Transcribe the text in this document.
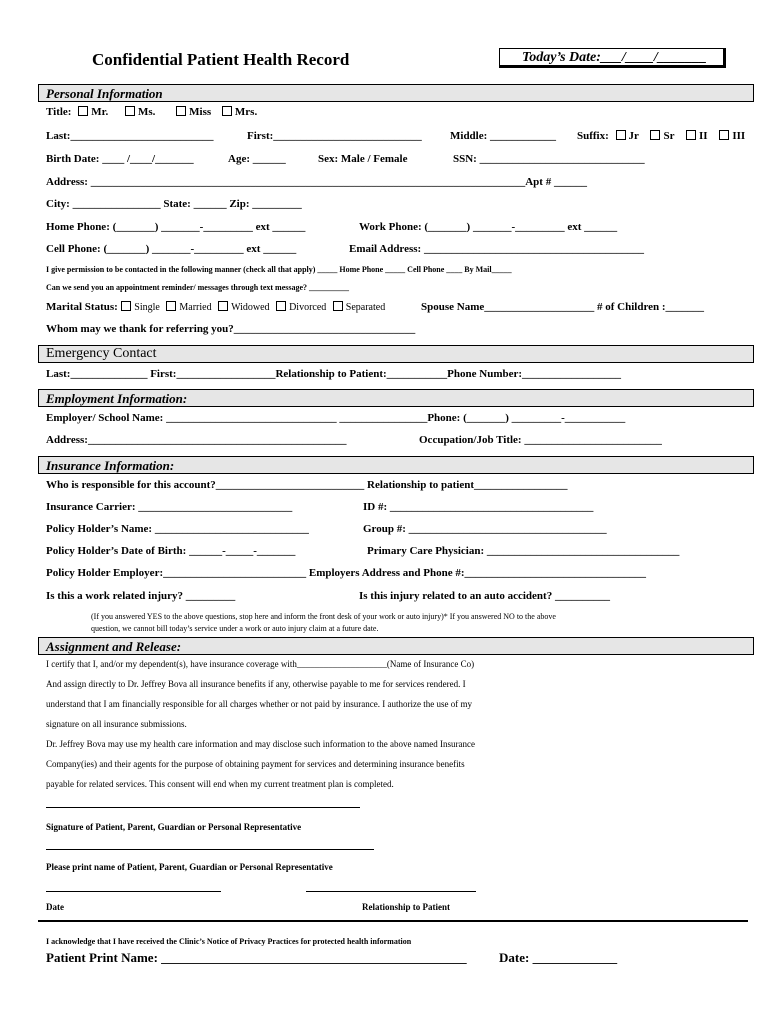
Confidential Patient Health Record	Today’s Date:___/____/_______
Personal Information
Title: Mr.	Ms.	Miss Mrs.
Last:__________________________	First:___________________________	Middle: ____________ Suffix: Jr Sr II III
Birth Date: ____ /____/_______	Age: ______	Sex: Male / Female	SSN: ______________________________
Address: _______________________________________________________________________________Apt # ______
City: ________________ State: ______ Zip: _________
Home Phone: (_______) _______-_________ ext ______	Work Phone: (_______) _______-_________ ext ______
Cell Phone: (_______) _______-_________ ext ______	Email Address: ________________________________________
I give permission to be contacted in the following manner (check all that apply) _____ Home Phone _____ Cell Phone ____ By Mail_____
Can we send you an appointment reminder/ messages through text message? __________
Marital Status: Single Married Widowed Divorced Separated	Spouse Name____________________ # of Children :_______
Whom may we thank for referring you?_________________________________
Emergency Contact
Last:______________ First:__________________Relationship to Patient:___________Phone Number:__________________
Employment Information:
Employer/ School Name: _______________________________ ________________Phone: (_______) _________-___________
Address:_______________________________________________	Occupation/Job Title: _________________________
Insurance Information:
Who is responsible for this account?___________________________ Relationship to patient_________________
Insurance Carrier: ____________________________	ID #: _____________________________________
Policy Holder’s Name: ____________________________	Group #: ____________________________________
Policy Holder’s Date of Birth: ______-_____-_______	Primary Care Physician: ___________________________________
Policy Holder Employer:__________________________ Employers Address and Phone #:_________________________________
Is this a work related injury? _________	Is this injury related to an auto accident? __________
(If you answered YES to the above questions, stop here and inform the front desk of your work or auto injury)* If you answered NO to the above
question, we cannot bill today’s service under a work or auto injury claim at a future date.
Assignment and Release:
I certify that I, and/or my dependent(s), have insurance coverage with____________________(Name of Insurance Co)
And assign directly to Dr. Jeffrey Bova all insurance benefits if any, otherwise payable to me for services rendered. I
understand that I am financially responsible for all charges whether or not paid by insurance. I authorize the use of my
signature on all insurance submissions.
Dr. Jeffrey Bova may use my health care information and may disclose such information to the above named Insurance
Company(ies) and their agents for the purpose of obtaining payment for services and determining insurance benefits
payable for related services. This consent will end when my current treatment plan is completed.
Signature of Patient, Parent, Guardian or Personal Representative
Please print name of Patient, Parent, Guardian or Personal Representative
Date	Relationship to Patient
I acknowledge that I have received the Clinic’s Notice of Privacy Practices for protected health information
Patient Print Name: _______________________________________________ Date: _____________
